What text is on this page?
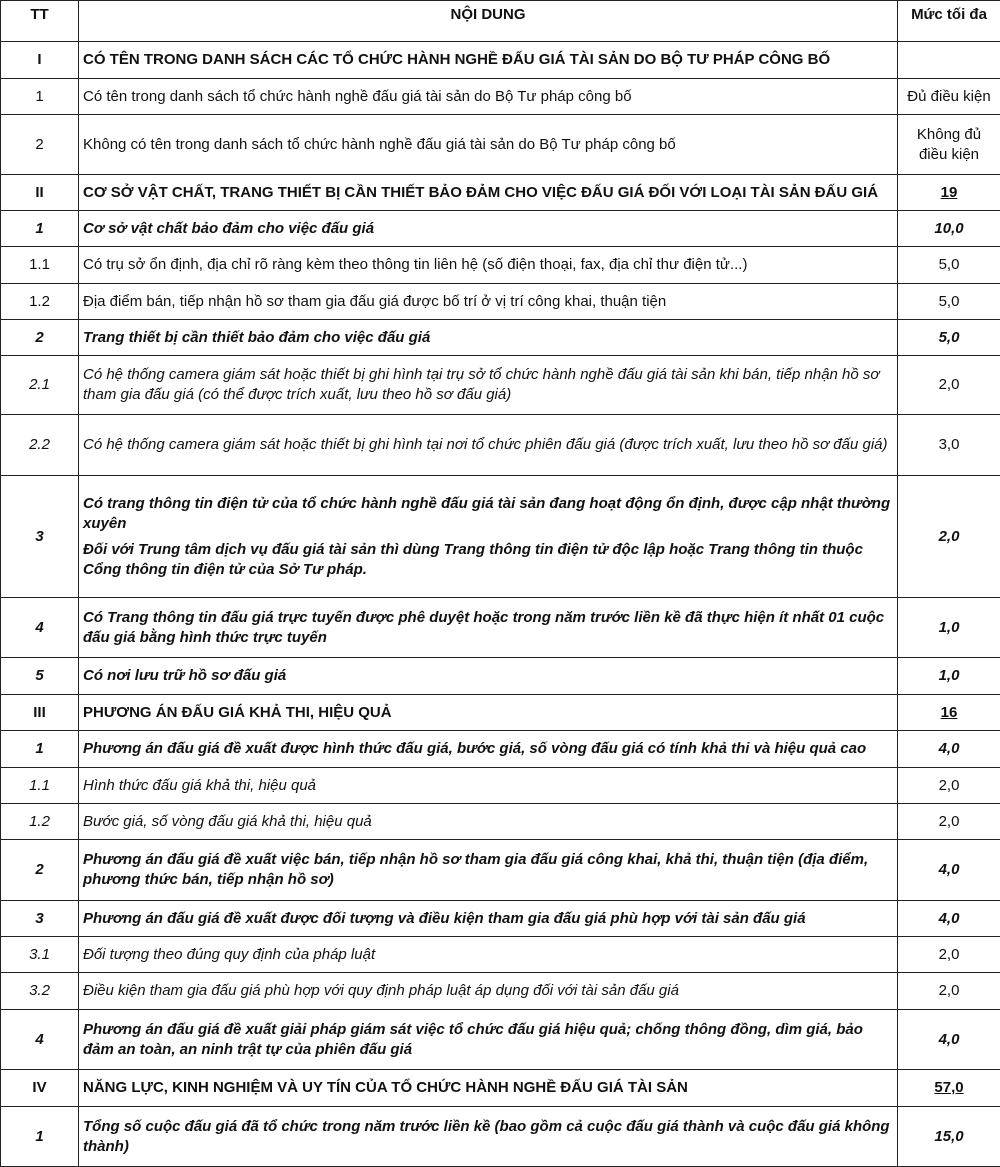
TT	NỘI DUNG	Mức tối đa
I	CÓ TÊN TRONG DANH SÁCH CÁC TỔ CHỨC HÀNH NGHỀ ĐẤU GIÁ TÀI SẢN DO BỘ TƯ PHÁP CÔNG BỐ	
1	Có tên trong danh sách tổ chức hành nghề đấu giá tài sản do Bộ Tư pháp công bố	Đủ điều kiện
2	Không có tên trong danh sách tổ chức hành nghề đấu giá tài sản do Bộ Tư pháp công bố	Không đủ điều kiện
II	CƠ SỞ VẬT CHẤT, TRANG THIẾT BỊ CẦN THIẾT BẢO ĐẢM CHO VIỆC ĐẤU GIÁ ĐỐI VỚI LOẠI TÀI SẢN ĐẤU GIÁ	19
1	Cơ sở vật chất bảo đảm cho việc đấu giá	10,0
1.1	Có trụ sở ổn định, địa chỉ rõ ràng kèm theo thông tin liên hệ (số điện thoại, fax, địa chỉ thư điện tử...)	5,0
1.2	Địa điểm bán, tiếp nhận hồ sơ tham gia đấu giá được bố trí ở vị trí công khai, thuận tiện	5,0
2	Trang thiết bị cần thiết bảo đảm cho việc đấu giá	5,0
2.1	Có hệ thống camera giám sát hoặc thiết bị ghi hình tại trụ sở tổ chức hành nghề đấu giá tài sản khi bán, tiếp nhận hồ sơ tham gia đấu giá (có thể được trích xuất, lưu theo hồ sơ đấu giá)	2,0
2.2	Có hệ thống camera giám sát hoặc thiết bị ghi hình tại nơi tổ chức phiên đấu giá (được trích xuất, lưu theo hồ sơ đấu giá)	3,0
3	Có trang thông tin điện tử của tổ chức hành nghề đấu giá tài sản đang hoạt động ổn định, được cập nhật thường xuyên
Đối với Trung tâm dịch vụ đấu giá tài sản thì dùng Trang thông tin điện tử độc lập hoặc Trang thông tin thuộc Cổng thông tin điện tử của Sở Tư pháp.	2,0
4	Có Trang thông tin đấu giá trực tuyến được phê duyệt hoặc trong năm trước liền kề đã thực hiện ít nhất 01 cuộc đấu giá bằng hình thức trực tuyến	1,0
5	Có nơi lưu trữ hồ sơ đấu giá	1,0
III	PHƯƠNG ÁN ĐẤU GIÁ KHẢ THI, HIỆU QUẢ	16
1	Phương án đấu giá đề xuất được hình thức đấu giá, bước giá, số vòng đấu giá có tính khả thi và hiệu quả cao	4,0
1.1	Hình thức đấu giá khả thi, hiệu quả	2,0
1.2	Bước giá, số vòng đấu giá khả thi, hiệu quả	2,0
2	Phương án đấu giá đề xuất việc bán, tiếp nhận hồ sơ tham gia đấu giá công khai, khả thi, thuận tiện (địa điểm, phương thức bán, tiếp nhận hồ sơ)	4,0
3	Phương án đấu giá đề xuất được đối tượng và điều kiện tham gia đấu giá phù hợp với tài sản đấu giá	4,0
3.1	Đối tượng theo đúng quy định của pháp luật	2,0
3.2	Điều kiện tham gia đấu giá phù hợp với quy định pháp luật áp dụng đối với tài sản đấu giá	2,0
4	Phương án đấu giá đề xuất giải pháp giám sát việc tổ chức đấu giá hiệu quả; chống thông đồng, dìm giá, bảo đảm an toàn, an ninh trật tự của phiên đấu giá	4,0
IV	NĂNG LỰC, KINH NGHIỆM VÀ UY TÍN CỦA TỔ CHỨC HÀNH NGHỀ ĐẤU GIÁ TÀI SẢN	57,0
1	Tổng số cuộc đấu giá đã tổ chức trong năm trước liền kề (bao gồm cả cuộc đấu giá thành và cuộc đấu giá không thành)	15,0
